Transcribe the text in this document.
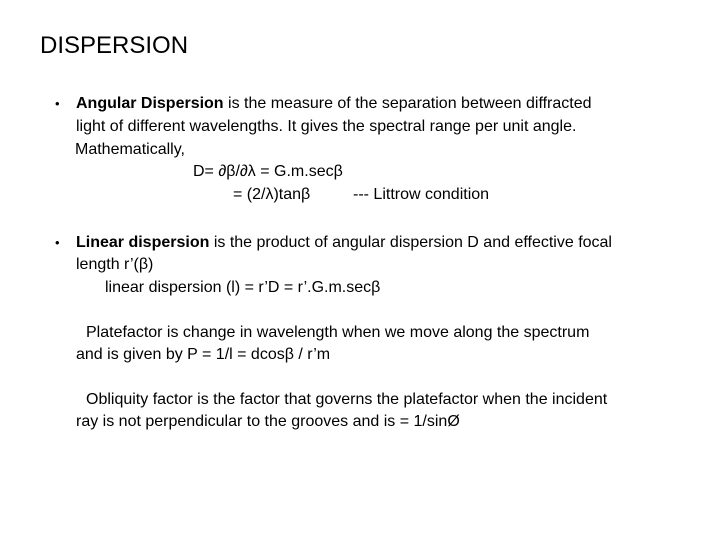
DISPERSION
• Angular Dispersion is the measure of the separation between diffracted
light of different wavelengths. It gives the spectral range per unit angle.
Mathematically,
D= ∂β/∂λ = G.m.secβ
= (2/λ)tanβ	--- Littrow condition
• Linear dispersion is the product of angular dispersion D and effective focal
length r’(β)
linear dispersion (l) = r’D = r’.G.m.secβ
Platefactor is change in wavelength when we move along the spectrum
and is given by P = 1/l = dcosβ / r’m
Obliquity factor is the factor that governs the platefactor when the incident
ray is not perpendicular to the grooves and is = 1/sinØ
